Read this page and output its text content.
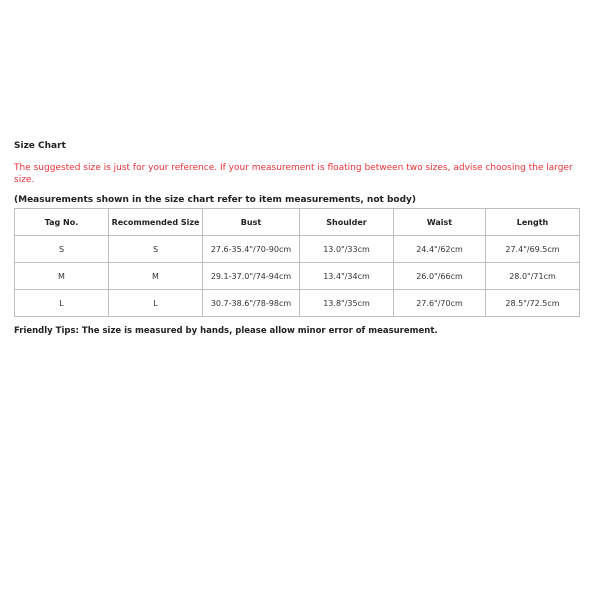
Size Chart
The suggested size is just for your reference. If your measurement is floating between two sizes, advise choosing the larger size.
(Measurements shown in the size chart refer to item measurements, not body)
Tag No.	Recommended Size	Bust	Shoulder	Waist	Length
S	S	27.6-35.4"/70-90cm	13.0"/33cm	24.4"/62cm	27.4"/69.5cm
M	M	29.1-37.0"/74-94cm	13.4"/34cm	26.0"/66cm	28.0"/71cm
L	L	30.7-38.6"/78-98cm	13.8"/35cm	27.6"/70cm	28.5"/72.5cm
Friendly Tips: The size is measured by hands, please allow minor error of measurement.
